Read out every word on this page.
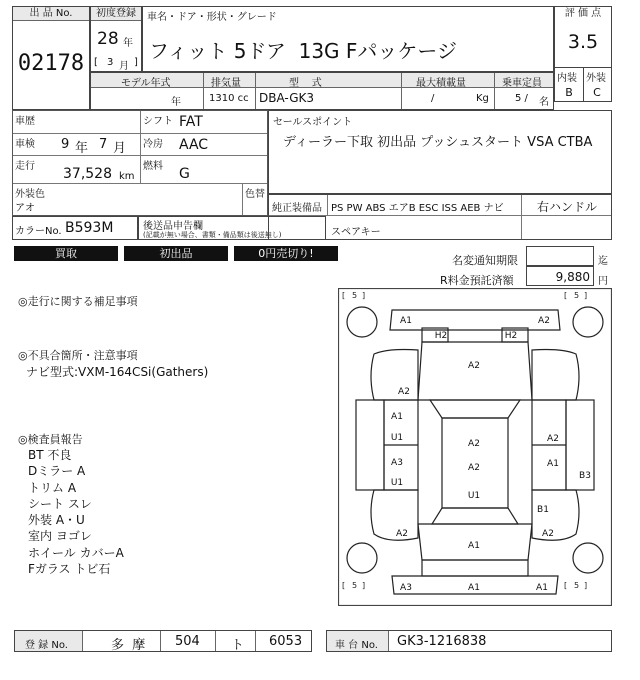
出 品 No.
02178
初度登録
28 年
[ 3 月 ]
車名・ドア・形状・グレード
フィット 5ドア  13G Fパッケージ
評 価 点
3.5
内装 外装
B	C
モデル年式	排気量	型    式	最大積載量	乗車定員
年	1310 cc DBA-GK3	/	Kg	5 / 名
車歴	シフト FAT
車検 9 年 7 月 冷房 AAC
走行 37,528 km
燃料 G
外装色
アオ
色替
カラーNo. B593M	後送品申告欄
(記載が無い場合、書類・備品類は後送無し)
セールスポイント
ディーラー下取 初出品 プッシュスタート VSA CTBA
純正装備品 PS PW ABS エアB ESC ISS AEB ナビ	右ハンドル
スペアキー
買取	初出品	0円売切り!
名変通知期限	迄
R料金預託済額	9,880 円
◎走行に関する補足事項
◎不具合箇所・注意事項
ナビ型式:VXM-164CSi(Gathers)
◎検査員報告
BT 不良
Dミラー A
トリム A
シート スレ
外装 A・U
室内 ヨゴレ
ホイール カバーA
Fガラス トビ石
[ 5 ]	[ 5 ]
[ 5 ]	[ 5 ]
A1	A2
H2	H2
A2
A2
A1
U1	A2
A3
U1
A2	A1
A2
U1
B3
B1
A2	A2
A1
A3	A1	A1
登 録 No.	多  摩 504 ト 6053	車 台 No. GK3-1216838
